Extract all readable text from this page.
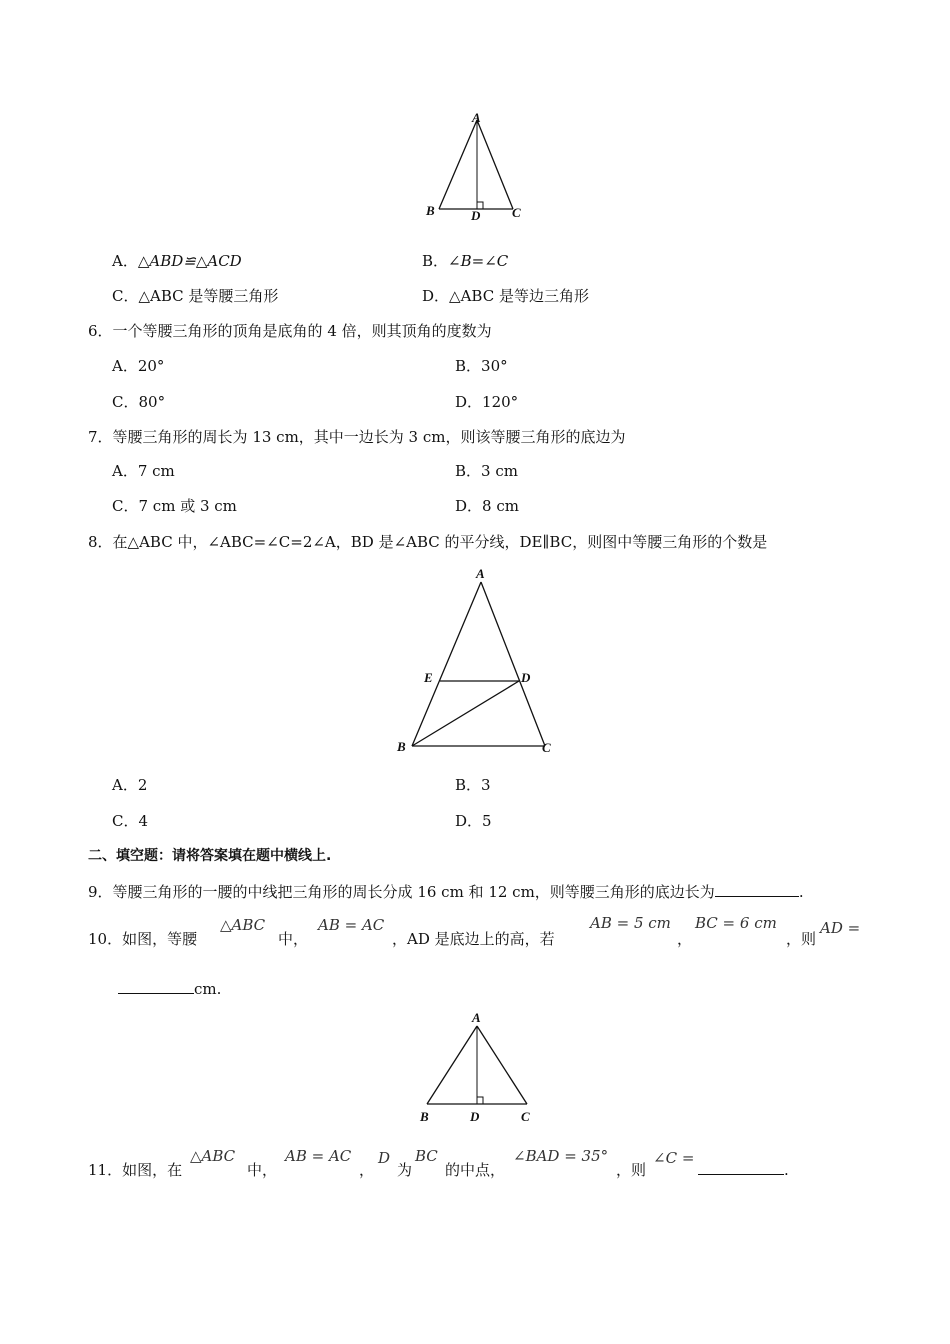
A
B	D C
A．△ABD≌△ACD	B．∠B=∠C
C．△ABC 是等腰三角形	D．△ABC 是等边三角形
6．一个等腰三角形的顶角是底角的 4 倍，则其顶角的度数为
A．20°	B．30°
C．80°	D．120°
7．等腰三角形的周长为 13 cm，其中一边长为 3 cm，则该等腰三角形的底边为
A．7 cm	B．3 cm
C．7 cm 或 3 cm	D．8 cm
8．在△ABC 中，∠ABC=∠C=2∠A，BD 是∠ABC 的平分线，DE∥BC，则图中等腰三角形的个数是
A
E	D
B	C
A．2	B．3
C．4	D．5
二、填空题：请将答案填在题中横线上.
9．等腰三角形的一腰的中线把三角形的周长分成 16 cm 和 12 cm，则等腰三角形的底边长为	.
10．如图，等腰
△ABC
中，
AB = AC
，AD 是底边上的高，若
AB = 5 cm
，
BC = 6 cm
，则
AD =
cm.
A
B	D	C
11．如图，在
△ABC
中，
AB = AC
，
D
为
BC
的中点，
∠BAD = 35°
，则
∠C =
.
